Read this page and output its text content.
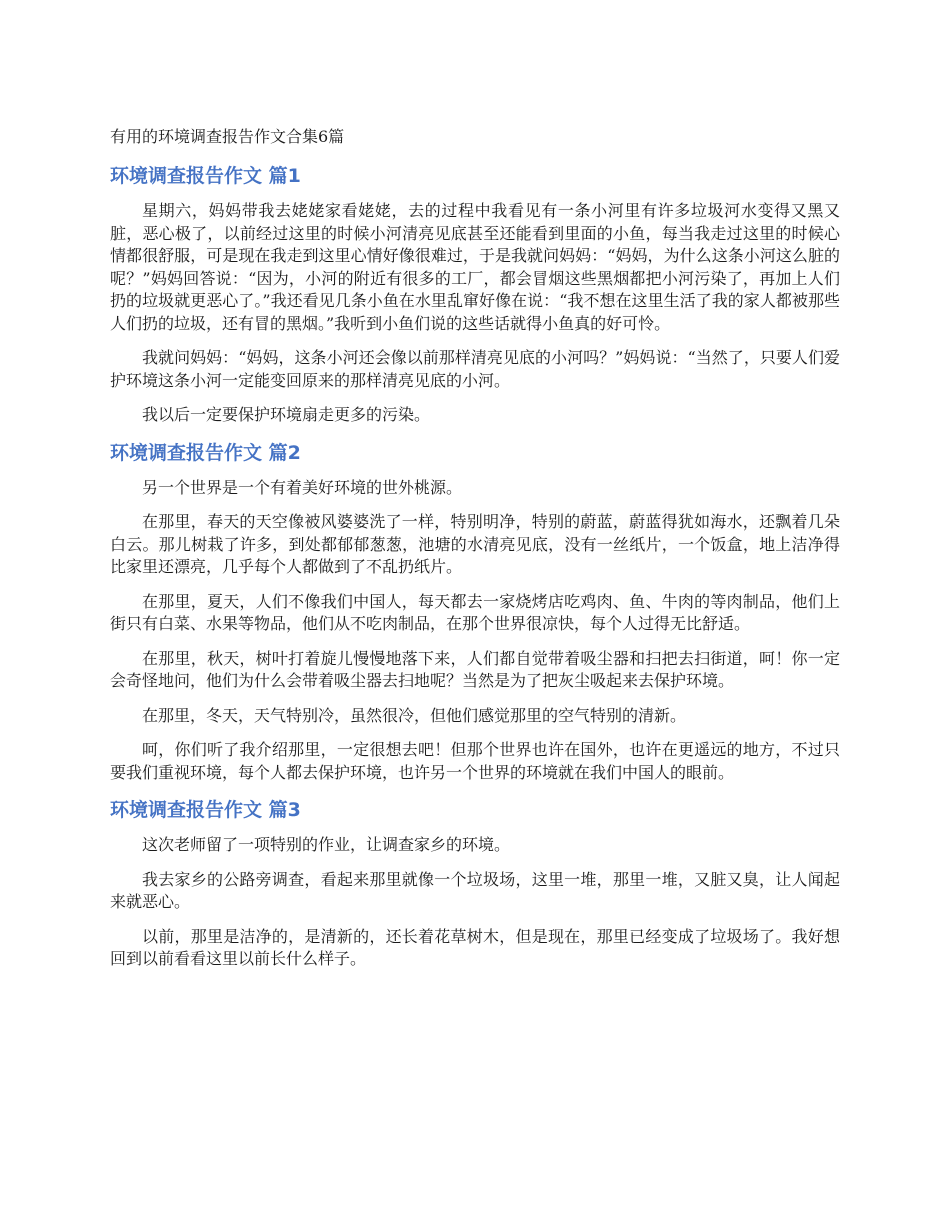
有用的环境调查报告作文合集6篇
环境调查报告作文 篇1

星期六，妈妈带我去姥姥家看姥姥，去的过程中我看见有一条小河里有许多垃圾河水变得又黑又脏，恶心极了，以前经过这里的时候小河清亮见底甚至还能看到里面的小鱼，每当我走过这里的时候心情都很舒服，可是现在我走到这里心情好像很难过，于是我就问妈妈：“妈妈，为什么这条小河这么脏的呢？”妈妈回答说：“因为，小河的附近有很多的工厂，都会冒烟这些黑烟都把小河污染了，再加上人们扔的垃圾就更恶心了。”我还看见几条小鱼在水里乱窜好像在说：“我不想在这里生活了我的家人都被那些人们扔的垃圾，还有冒的黑烟。”我听到小鱼们说的这些话就得小鱼真的好可怜。

我就问妈妈：“妈妈，这条小河还会像以前那样清亮见底的小河吗？”妈妈说：“当然了，只要人们爱护环境这条小河一定能变回原来的那样清亮见底的小河。

我以后一定要保护环境扇走更多的污染。

环境调查报告作文 篇2

另一个世界是一个有着美好环境的世外桃源。

在那里，春天的天空像被风婆婆洗了一样，特别明净，特别的蔚蓝，蔚蓝得犹如海水，还飘着几朵白云。那儿树栽了许多，到处都郁郁葱葱，池塘的水清亮见底，没有一丝纸片，一个饭盒，地上洁净得比家里还漂亮，几乎每个人都做到了不乱扔纸片。

在那里，夏天，人们不像我们中国人，每天都去一家烧烤店吃鸡肉、鱼、牛肉的等肉制品，他们上街只有白菜、水果等物品，他们从不吃肉制品，在那个世界很凉快，每个人过得无比舒适。

在那里，秋天，树叶打着旋儿慢慢地落下来，人们都自觉带着吸尘器和扫把去扫街道，呵！你一定会奇怪地问，他们为什么会带着吸尘器去扫地呢？当然是为了把灰尘吸起来去保护环境。

在那里，冬天，天气特别冷，虽然很冷，但他们感觉那里的空气特别的清新。

呵，你们听了我介绍那里，一定很想去吧！但那个世界也许在国外，也许在更遥远的地方，不过只要我们重视环境，每个人都去保护环境，也许另一个世界的环境就在我们中国人的眼前。

环境调查报告作文 篇3

这次老师留了一项特别的作业，让调查家乡的环境。

我去家乡的公路旁调查，看起来那里就像一个垃圾场，这里一堆，那里一堆，又脏又臭，让人闻起来就恶心。

以前，那里是洁净的，是清新的，还长着花草树木，但是现在，那里已经变成了垃圾场了。我好想回到以前看看这里以前长什么样子。
